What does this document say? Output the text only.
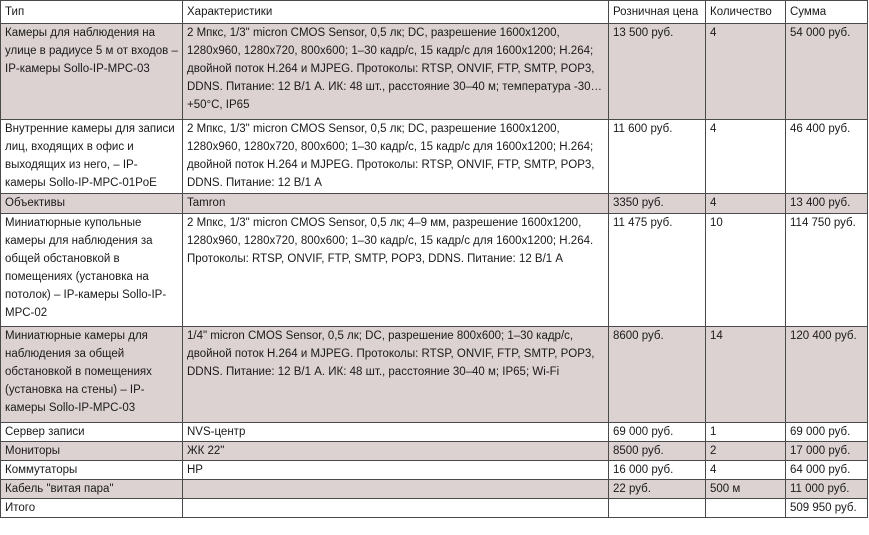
Тип	Характеристики	Розничная цена	Количество	Сумма
Камеры для наблюдения на улице в радиусе 5 м от входов – IP-камеры Sollo-IP-MPC-03	2 Мпкс, 1/3" micron CMOS Sensor, 0,5 лк; DC, разрешение 1600x1200, 1280x960, 1280x720, 800x600; 1–30 кадр/с, 15 кадр/с для 1600x1200; H.264; двойной поток H.264 и MJPEG. Протоколы: RTSP, ONVIF, FTP, SMTP, POP3, DDNS. Питание: 12 В/1 А. ИК: 48 шт., расстояние 30–40 м; температура -30…+50°С, IP65	13 500 руб.	4	54 000 руб.
Внутренние камеры для записи лиц, входящих в офис и выходящих из него, – IP-камеры Sollo-IP-MPC-01PoE	2 Мпкс, 1/3" micron CMOS Sensor, 0,5 лк; DC, разрешение 1600x1200, 1280x960, 1280x720, 800x600; 1–30 кадр/с, 15 кадр/с для 1600x1200; H.264; двойной поток H.264 и MJPEG. Протоколы: RTSP, ONVIF, FTP, SMTP, POP3, DDNS. Питание: 12 В/1 А	11 600 руб.	4	46 400 руб.
Объективы	Tamron	3350 руб.	4	13 400 руб.
Миниатюрные купольные камеры для наблюдения за общей обстановкой в помещениях (установка на потолок) – IP-камеры Sollo-IP-MPC-02	2 Мпкс, 1/3" micron CMOS Sensor, 0,5 лк; 4–9 мм, разрешение 1600x1200, 1280x960, 1280x720, 800x600; 1–30 кадр/с, 15 кадр/с для 1600x1200; H.264. Протоколы: RTSP, ONVIF, FTP, SMTP, POP3, DDNS. Питание: 12 В/1 А	11 475 руб.	10	114 750 руб.
Миниатюрные камеры для наблюдения за общей обстановкой в помещениях (установка на стены) – IP-камеры Sollo-IP-MPC-03	1/4" micron CMOS Sensor, 0,5 лк; DC, разрешение 800x600; 1–30 кадр/с, двойной поток H.264 и MJPEG. Протоколы: RTSP, ONVIF, FTP, SMTP, POP3, DDNS. Питание: 12 В/1 А. ИК: 48 шт., расстояние 30–40 м; IP65; Wi-Fi	8600 руб.	14	120 400 руб.
Сервер записи	NVS-центр	69 000 руб.	1	69 000 руб.
Мониторы	ЖК 22"	8500 руб.	2	17 000 руб.
Коммутаторы	HP	16 000 руб.	4	64 000 руб.
Кабель "витая пара"		22 руб.	500 м	11 000 руб.
Итого				509 950 руб.
